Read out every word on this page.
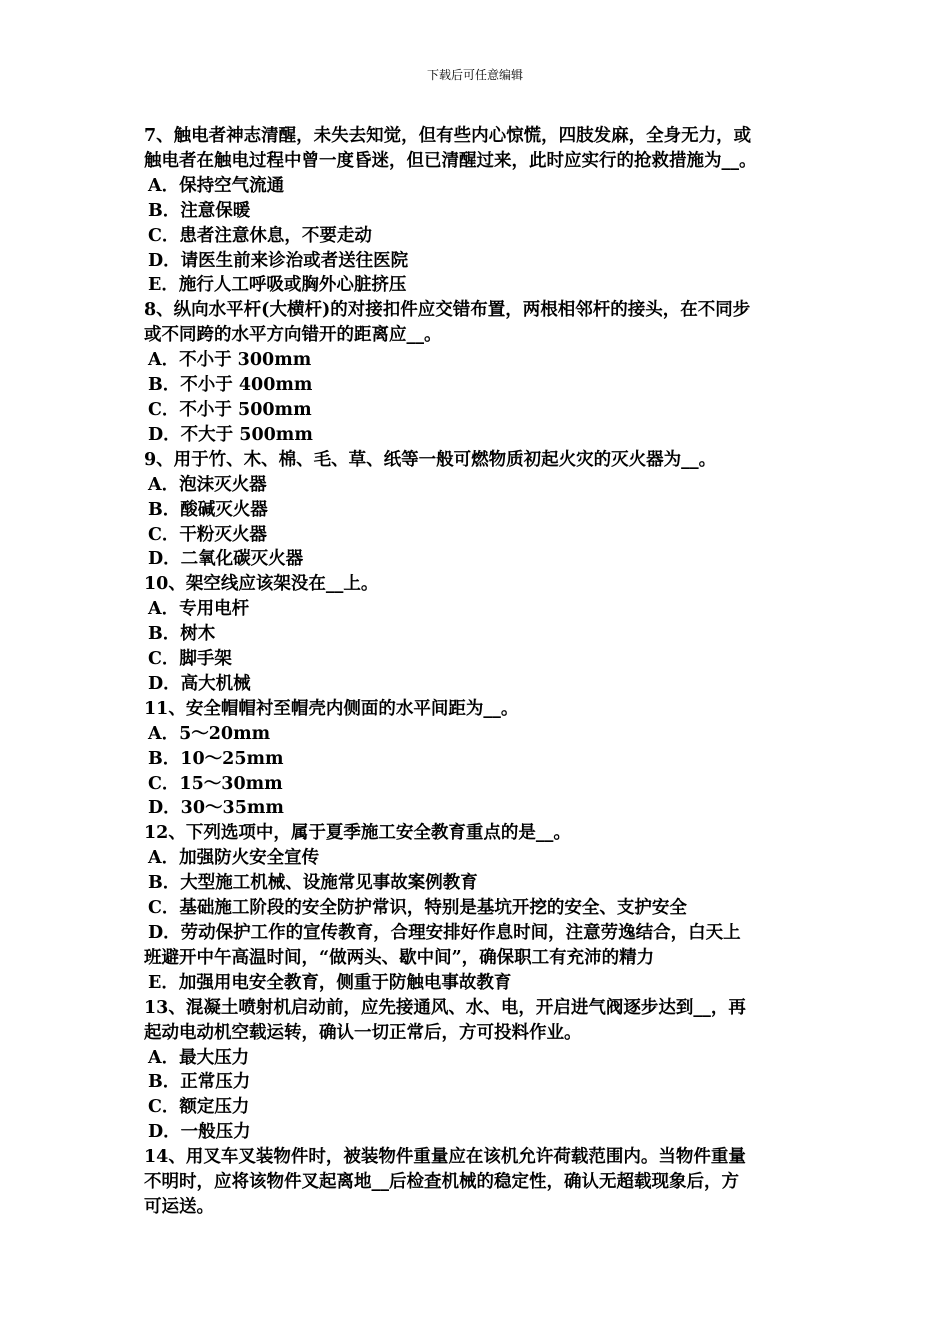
下载后可任意编辑
7、触电者神志清醒，未失去知觉，但有些内心惊慌，四肢发麻，全身无力，或
触电者在触电过程中曾一度昏迷，但已清醒过来，此时应实行的抢救措施为__。
A．保持空气流通
B．注意保暖
C．患者注意休息，不要走动
D．请医生前来诊治或者送往医院
E．施行人工呼吸或胸外心脏挤压
8、纵向水平杆(大横杆)的对接扣件应交错布置，两根相邻杆的接头，在不同步
或不同跨的水平方向错开的距离应__。
A．不小于 300mm
B．不小于 400mm
C．不小于 500mm
D．不大于 500mm
9、用于竹、木、棉、毛、草、纸等一般可燃物质初起火灾的灭火器为__。
A．泡沫灭火器
B．酸碱灭火器
C．干粉灭火器
D．二氧化碳灭火器
10、架空线应该架没在__上。
A．专用电杆
B．树木
C．脚手架
D．高大机械
11、安全帽帽衬至帽壳内侧面的水平间距为__。
A．5～20mm
B．10～25mm
C．15～30mm
D．30～35mm
12、下列选项中，属于夏季施工安全教育重点的是__。
A．加强防火安全宣传
B．大型施工机械、设施常见事故案例教育
C．基础施工阶段的安全防护常识，特别是基坑开挖的安全、支护安全
D．劳动保护工作的宣传教育，合理安排好作息时间，注意劳逸结合，白天上
班避开中午高温时间，“做两头、歇中间”，确保职工有充沛的精力
E．加强用电安全教育，侧重于防触电事故教育
13、混凝土喷射机启动前，应先接通风、水、电，开启进气阀逐步达到__，再
起动电动机空载运转，确认一切正常后，方可投料作业。
A．最大压力
B．正常压力
C．额定压力
D．一般压力
14、用叉车叉装物件时，被装物件重量应在该机允许荷载范围内。当物件重量
不明时，应将该物件叉起离地__后检查机械的稳定性，确认无超载现象后，方
可运送。
